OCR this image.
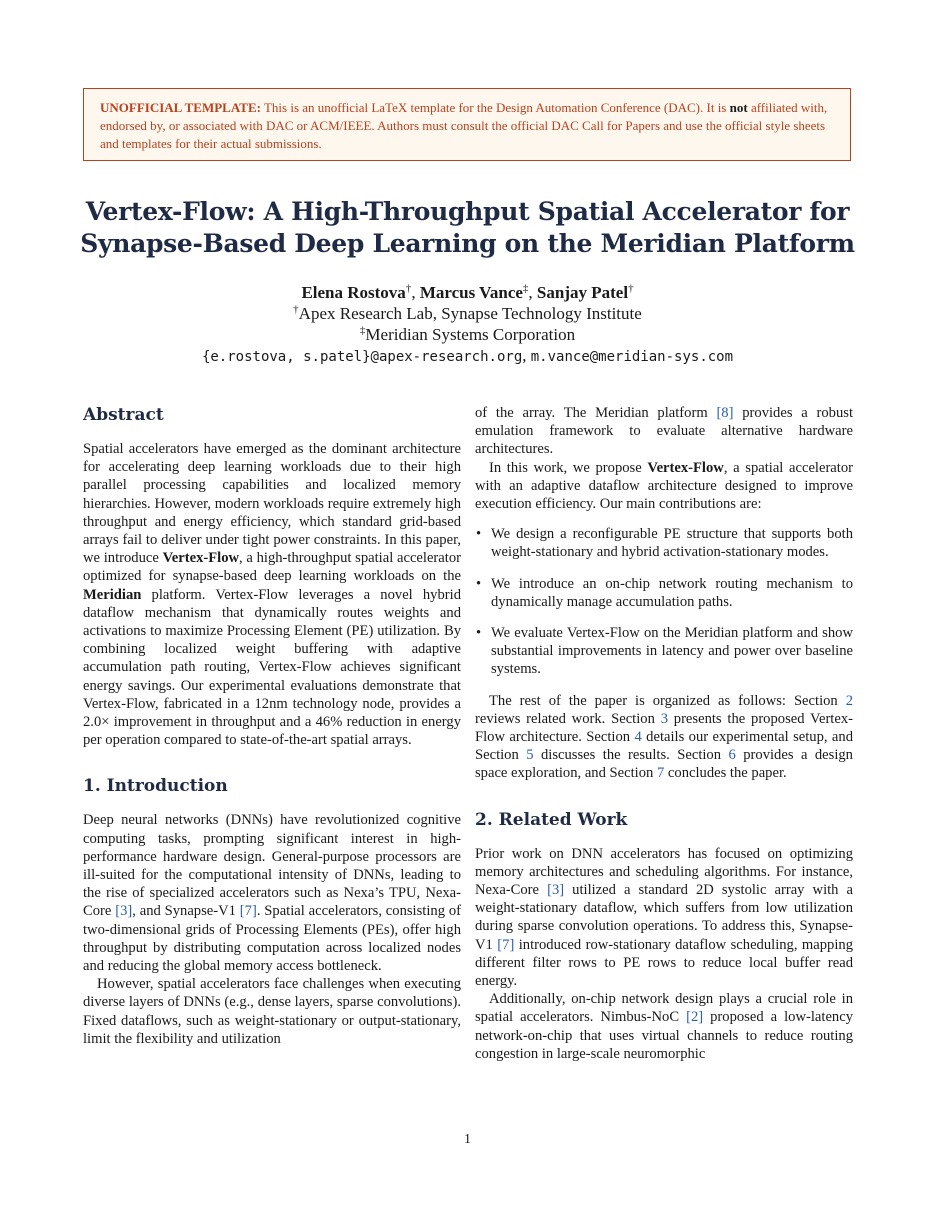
UNOFFICIAL TEMPLATE: This is an unofficial LaTeX template for the Design Automation Conference (DAC). It is not affiliated with, endorsed by, or associated with DAC or ACM/IEEE. Authors must consult the official DAC Call for Papers and use the official style sheets and templates for their actual submissions.
Vertex-Flow: A High-Throughput Spatial Accelerator for Synapse-Based Deep Learning on the Meridian Platform
Elena Rostova†, Marcus Vance‡, Sanjay Patel†
†Apex Research Lab, Synapse Technology Institute
‡Meridian Systems Corporation
{e.rostova, s.patel}@apex-research.org, m.vance@meridian-sys.com
Abstract

Spatial accelerators have emerged as the dominant architecture for accelerating deep learning workloads due to their high parallel processing capabilities and localized memory hierarchies. However, modern workloads require extremely high throughput and energy efficiency, which standard grid-based arrays fail to deliver under tight power constraints. In this paper, we introduce Vertex-Flow, a high-throughput spatial accelerator optimized for synapse-based deep learning workloads on the Meridian platform. Vertex-Flow leverages a novel hybrid dataflow mechanism that dynamically routes weights and activations to maximize Processing Element (PE) utilization. By combining localized weight buffering with adaptive accumulation path routing, Vertex-Flow achieves significant energy savings. Our experimental evaluations demonstrate that Vertex-Flow, fabricated in a 12nm technology node, provides a 2.0× improvement in throughput and a 46% reduction in energy per operation compared to state-of-the-art spatial arrays.

1. Introduction

Deep neural networks (DNNs) have revolutionized cognitive computing tasks, prompting significant interest in high-performance hardware design. General-purpose processors are ill-suited for the computational intensity of DNNs, leading to the rise of specialized accelerators such as Nexa’s TPU, Nexa-Core [3], and Synapse-V1 [7]. Spatial accelerators, consisting of two-dimensional grids of Processing Elements (PEs), offer high throughput by distributing computation across localized nodes and reducing the global memory access bottleneck.

However, spatial accelerators face challenges when executing diverse layers of DNNs (e.g., dense layers, sparse convolutions). Fixed dataflows, such as weight-stationary or output-stationary, limit the flexibility and utilization

of the array. The Meridian platform [8] provides a robust emulation framework to evaluate alternative hardware architectures.

In this work, we propose Vertex-Flow, a spatial accelerator with an adaptive dataflow architecture designed to improve execution efficiency. Our main contributions are:

• We design a reconfigurable PE structure that supports both weight-stationary and hybrid activation-stationary modes.
• We introduce an on-chip network routing mechanism to dynamically manage accumulation paths.
• We evaluate Vertex-Flow on the Meridian platform and show substantial improvements in latency and power over baseline systems.

The rest of the paper is organized as follows: Section 2 reviews related work. Section 3 presents the proposed Vertex-Flow architecture. Section 4 details our experimental setup, and Section 5 discusses the results. Section 6 provides a design space exploration, and Section 7 concludes the paper.

2. Related Work

Prior work on DNN accelerators has focused on optimizing memory architectures and scheduling algorithms. For instance, Nexa-Core [3] utilized a standard 2D systolic array with a weight-stationary dataflow, which suffers from low utilization during sparse convolution operations. To address this, Synapse-V1 [7] introduced row-stationary dataflow scheduling, mapping different filter rows to PE rows to reduce local buffer read energy.

Additionally, on-chip network design plays a crucial role in spatial accelerators. Nimbus-NoC [2] proposed a low-latency network-on-chip that uses virtual channels to reduce routing congestion in large-scale neuromorphic

1
